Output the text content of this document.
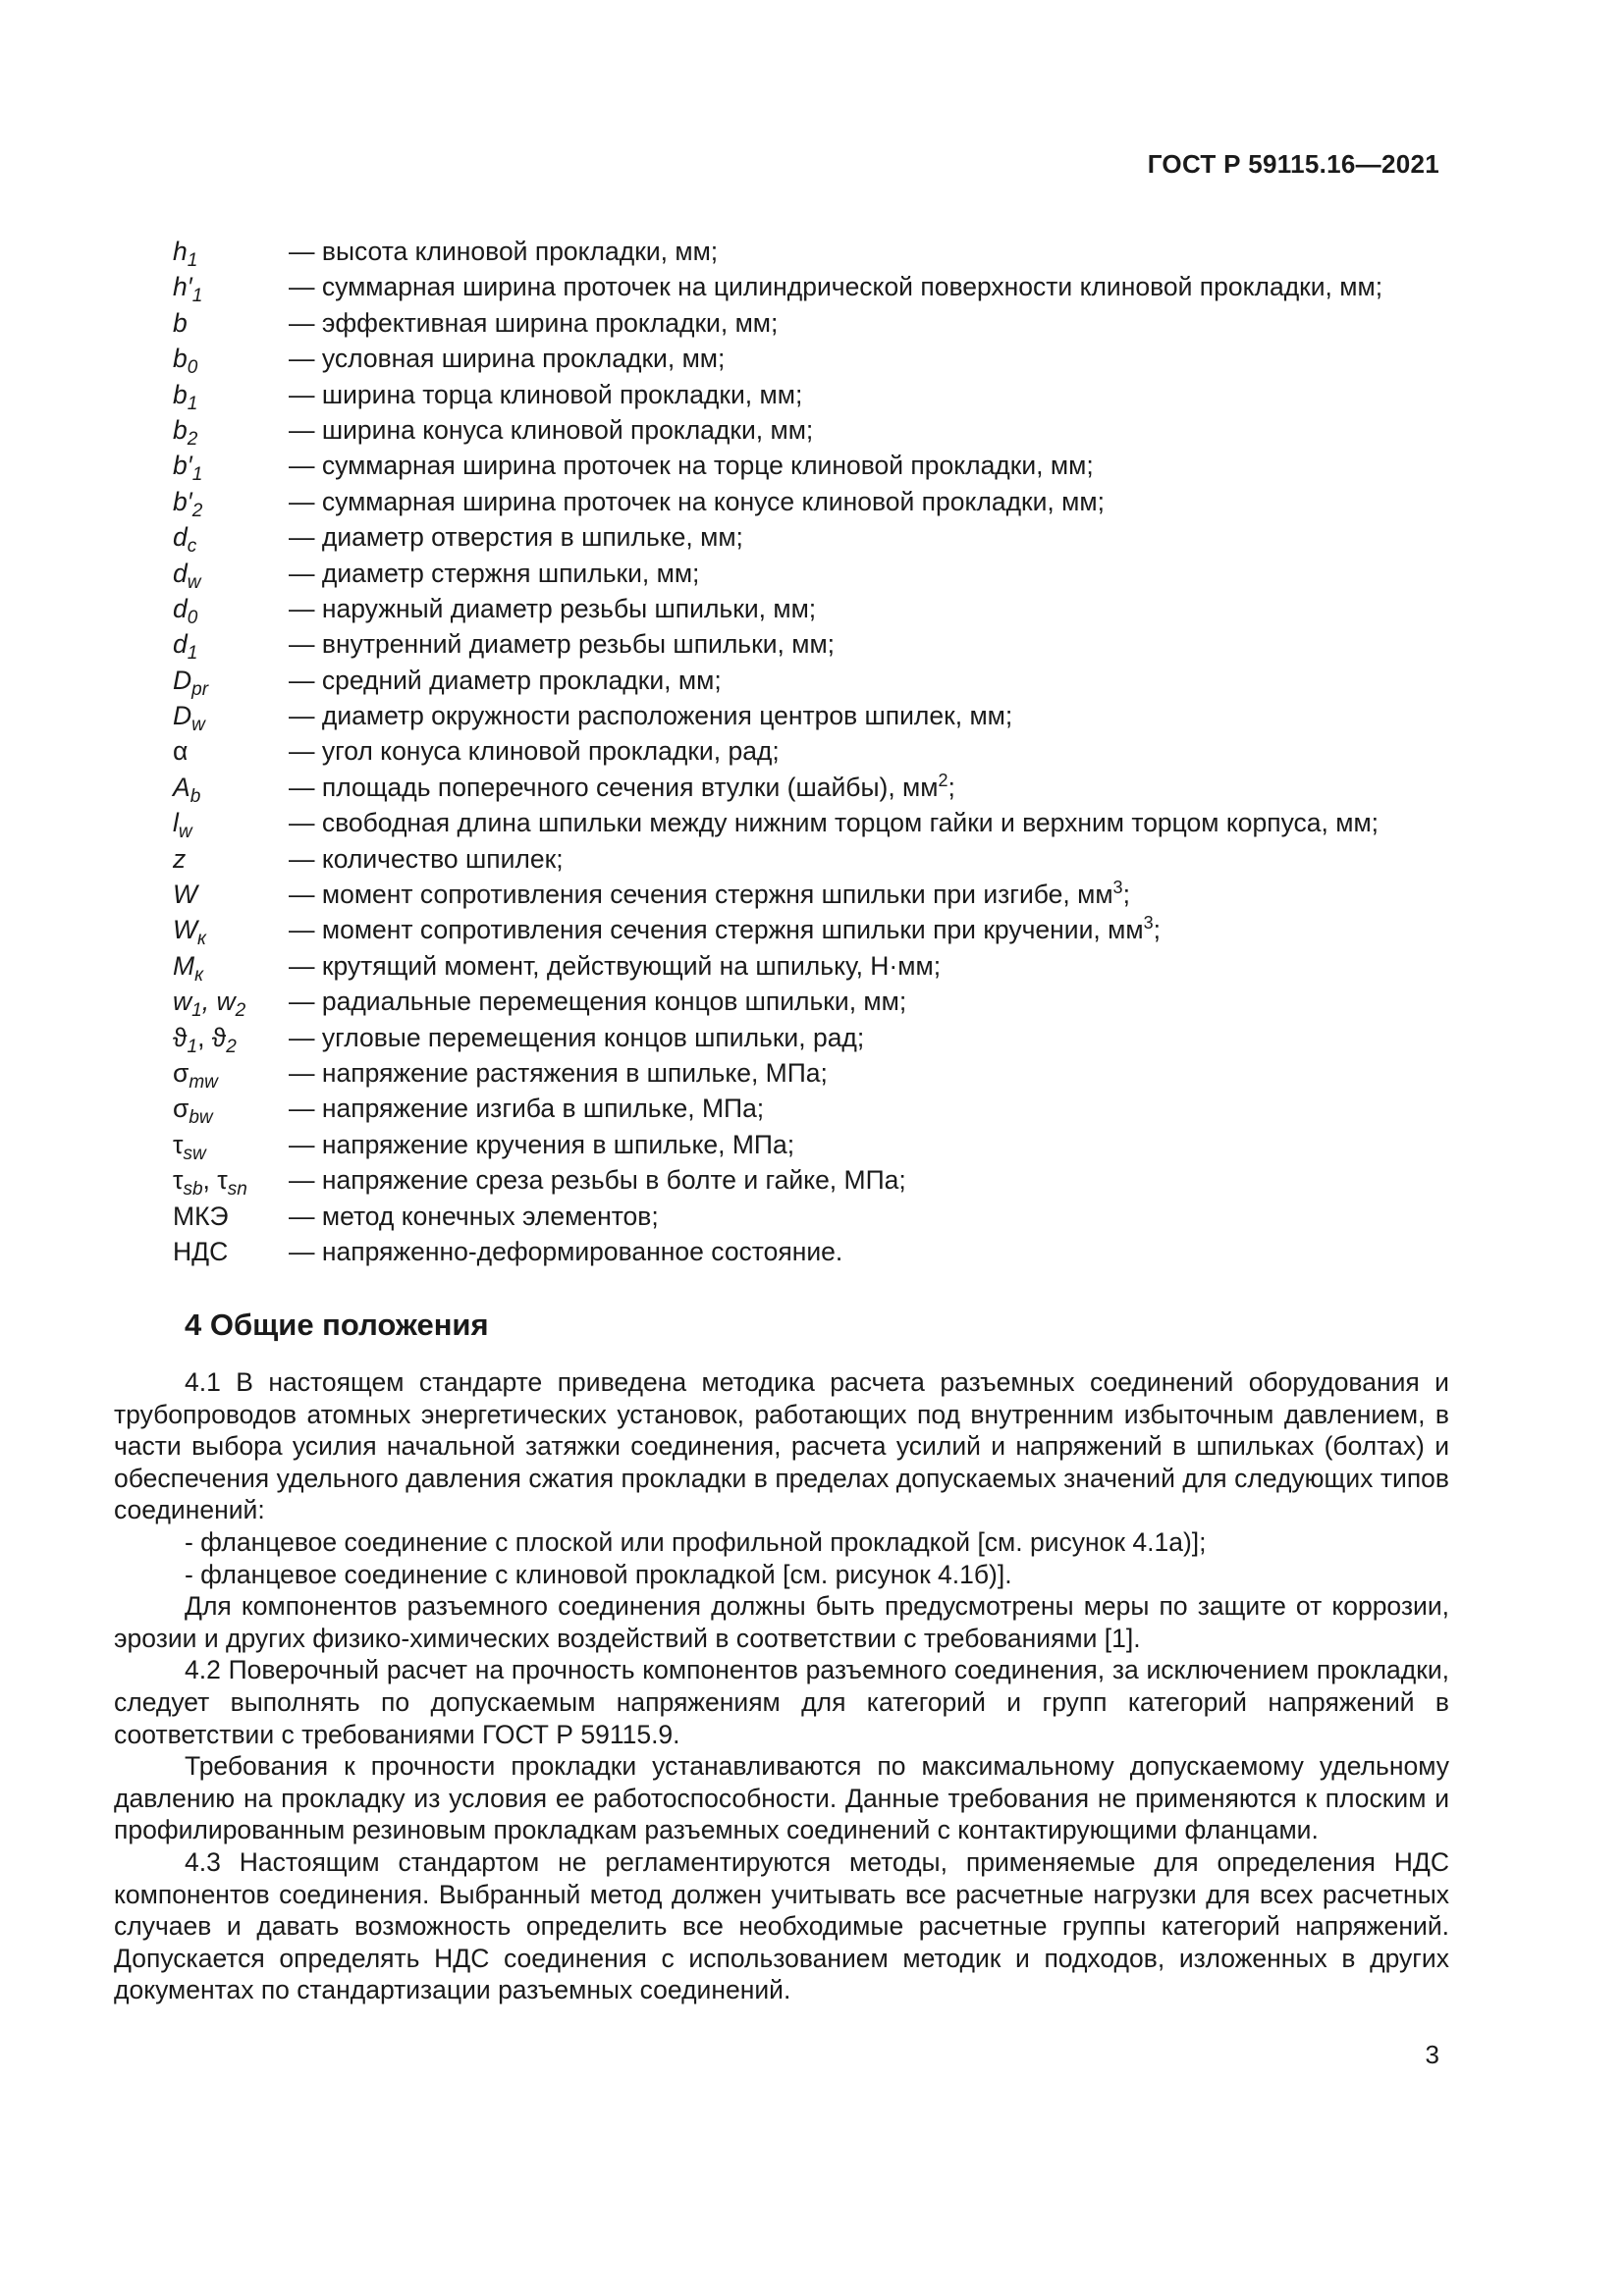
ГОСТ Р 59115.16—2021
$h_1$	— высота клиновой прокладки, мм;
$h'_1$	— суммарная ширина проточек на цилиндрической поверхности клиновой прокладки, мм;
b	— эффективная ширина прокладки, мм;
$b_0$	— условная ширина прокладки, мм;
$b_1$	— ширина торца клиновой прокладки, мм;
$b_2$	— ширина конуса клиновой прокладки, мм;
$b'_1$	— суммарная ширина проточек на торце клиновой прокладки, мм;
$b'_2$	— суммарная ширина проточек на конусе клиновой прокладки, мм;
$d_c$	— диаметр отверстия в шпильке, мм;
$d_w$	— диаметр стержня шпильки, мм;
$d_0$	— наружный диаметр резьбы шпильки, мм;
$d_1$	— внутренний диаметр резьбы шпильки, мм;
$D_{pr}$	— средний диаметр прокладки, мм;
$D_w$	— диаметр окружности расположения центров шпилек, мм;
α	— угол конуса клиновой прокладки, рад;
$A_b$	— площадь поперечного сечения втулки (шайбы), $мм^2$;
$l_w$	— свободная длина шпильки между нижним торцом гайки и верхним торцом корпуса, мм;
z	— количество шпилек;
W	— момент сопротивления сечения стержня шпильки при изгибе, $мм^3$;
$W_к$	— момент сопротивления сечения стержня шпильки при кручении, $мм^3$;
$M_к$	— крутящий момент, действующий на шпильку, Н·мм;
$w_1$, $w_2$	— радиальные перемещения концов шпильки, мм;
$ϑ_1$, $ϑ_2$	— угловые перемещения концов шпильки, рад;
$\sigma_{mw}$	— напряжение растяжения в шпильке, МПа;
$\sigma_{bw}$	— напряжение изгиба в шпильке, МПа;
$\tau_{sw}$	— напряжение кручения в шпильке, МПа;
$\tau_{sb}$, $\tau_{sn}$	— напряжение среза резьбы в болте и гайке, МПа;
МКЭ	— метод конечных элементов;
НДС	— напряженно-деформированное состояние.
4 Общие положения

4.1 В настоящем стандарте приведена методика расчета разъемных соединений оборудования и трубопроводов атомных энергетических установок, работающих под внутренним избыточным давлением, в части выбора усилия начальной затяжки соединения, расчета усилий и напряжений в шпильках (болтах) и обеспечения удельного давления сжатия прокладки в пределах допускаемых значений для следующих типов соединений:

- фланцевое соединение с плоской или профильной прокладкой [см. рисунок 4.1а)];

- фланцевое соединение с клиновой прокладкой [см. рисунок 4.1б)].

Для компонентов разъемного соединения должны быть предусмотрены меры по защите от коррозии, эрозии и других физико-химических воздействий в соответствии с требованиями [1].

4.2 Поверочный расчет на прочность компонентов разъемного соединения, за исключением прокладки, следует выполнять по допускаемым напряжениям для категорий и групп категорий напряжений в соответствии с требованиями ГОСТ Р 59115.9.

Требования к прочности прокладки устанавливаются по максимальному допускаемому удельному давлению на прокладку из условия ее работоспособности. Данные требования не применяются к плоским и профилированным резиновым прокладкам разъемных соединений с контактирующими фланцами.

4.3 Настоящим стандартом не регламентируются методы, применяемые для определения НДС компонентов соединения. Выбранный метод должен учитывать все расчетные нагрузки для всех расчетных случаев и давать возможность определить все необходимые расчетные группы категорий напряжений. Допускается определять НДС соединения с использованием методик и подходов, изложенных в других документах по стандартизации разъемных соединений.

3
